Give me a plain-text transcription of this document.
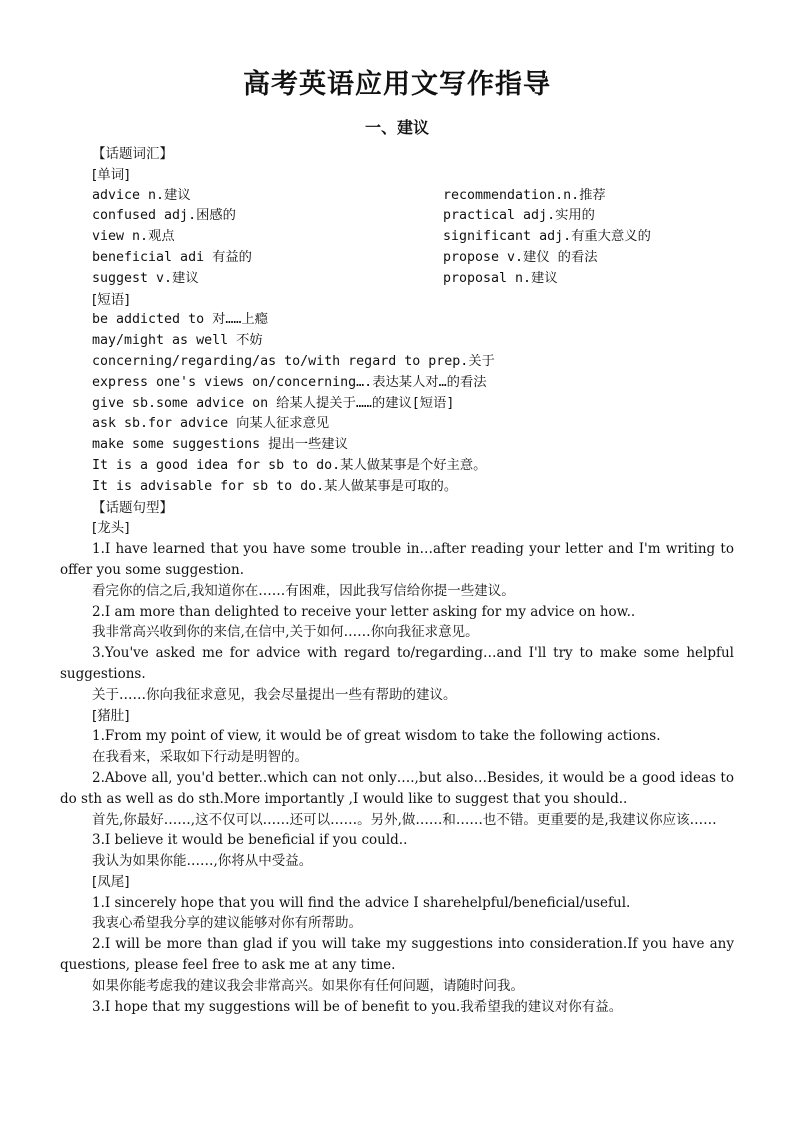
高考英语应用文写作指导
一、建议
【话题词汇】
[单词]
advice n.建议	recommendation.n.推荐
confused adj.困感的	practical adj.实用的
view n.观点	significant adj.有重大意义的
beneficial adi 有益的	propose v.建仪 的看法
suggest v.建议	proposal n.建议
[短语]
be addicted to 对……上瘾
may/might as well 不妨
concerning/regarding/as to/with regard to prep.关于
express one's views on/concerning….表达某人对…的看法
give sb.some advice on 给某人提关于……的建议[短语]
ask sb.for advice 向某人征求意见
make some suggestions 提出一些建议
It is a good idea for sb to do.某人做某事是个好主意。
It is advisable for sb to do.某人做某事是可取的。
【话题句型】
[龙头]
1.I have learned that you have some trouble in…after reading your letter and I'm writing to offer you some suggestion.
看完你的信之后,我知道你在……有困难，因此我写信给你提一些建议。
2.I am more than delighted to receive your letter asking for my advice on how..
我非常高兴收到你的来信,在信中,关于如何……你向我征求意见。
3.You've asked me for advice with regard to/regarding…and I'll try to make some helpful suggestions.
关于……你向我征求意见，我会尽量提出一些有帮助的建议。
[猪肚]
1.From my point of view, it would be of great wisdom to take the following actions.
在我看来，采取如下行动是明智的。
2.Above all, you'd better..which can not only….,but also…Besides, it would be a good ideas to do sth as well as do sth.More importantly ,I would like to suggest that you should..
首先,你最好……,这不仅可以……还可以……。另外,做……和……也不错。更重要的是,我建议你应该……
3.I believe it would be beneficial if you could..
我认为如果你能……,你将从中受益。
[凤尾]
1.I sincerely hope that you will find the advice I sharehelpful/beneficial/useful.
我衷心希望我分享的建议能够对你有所帮助。
2.I will be more than glad if you will take my suggestions into consideration.If you have any questions, please feel free to ask me at any time.
如果你能考虑我的建议我会非常高兴。如果你有任何问题，请随时问我。
3.I hope that my suggestions will be of benefit to you.我希望我的建议对你有益。
